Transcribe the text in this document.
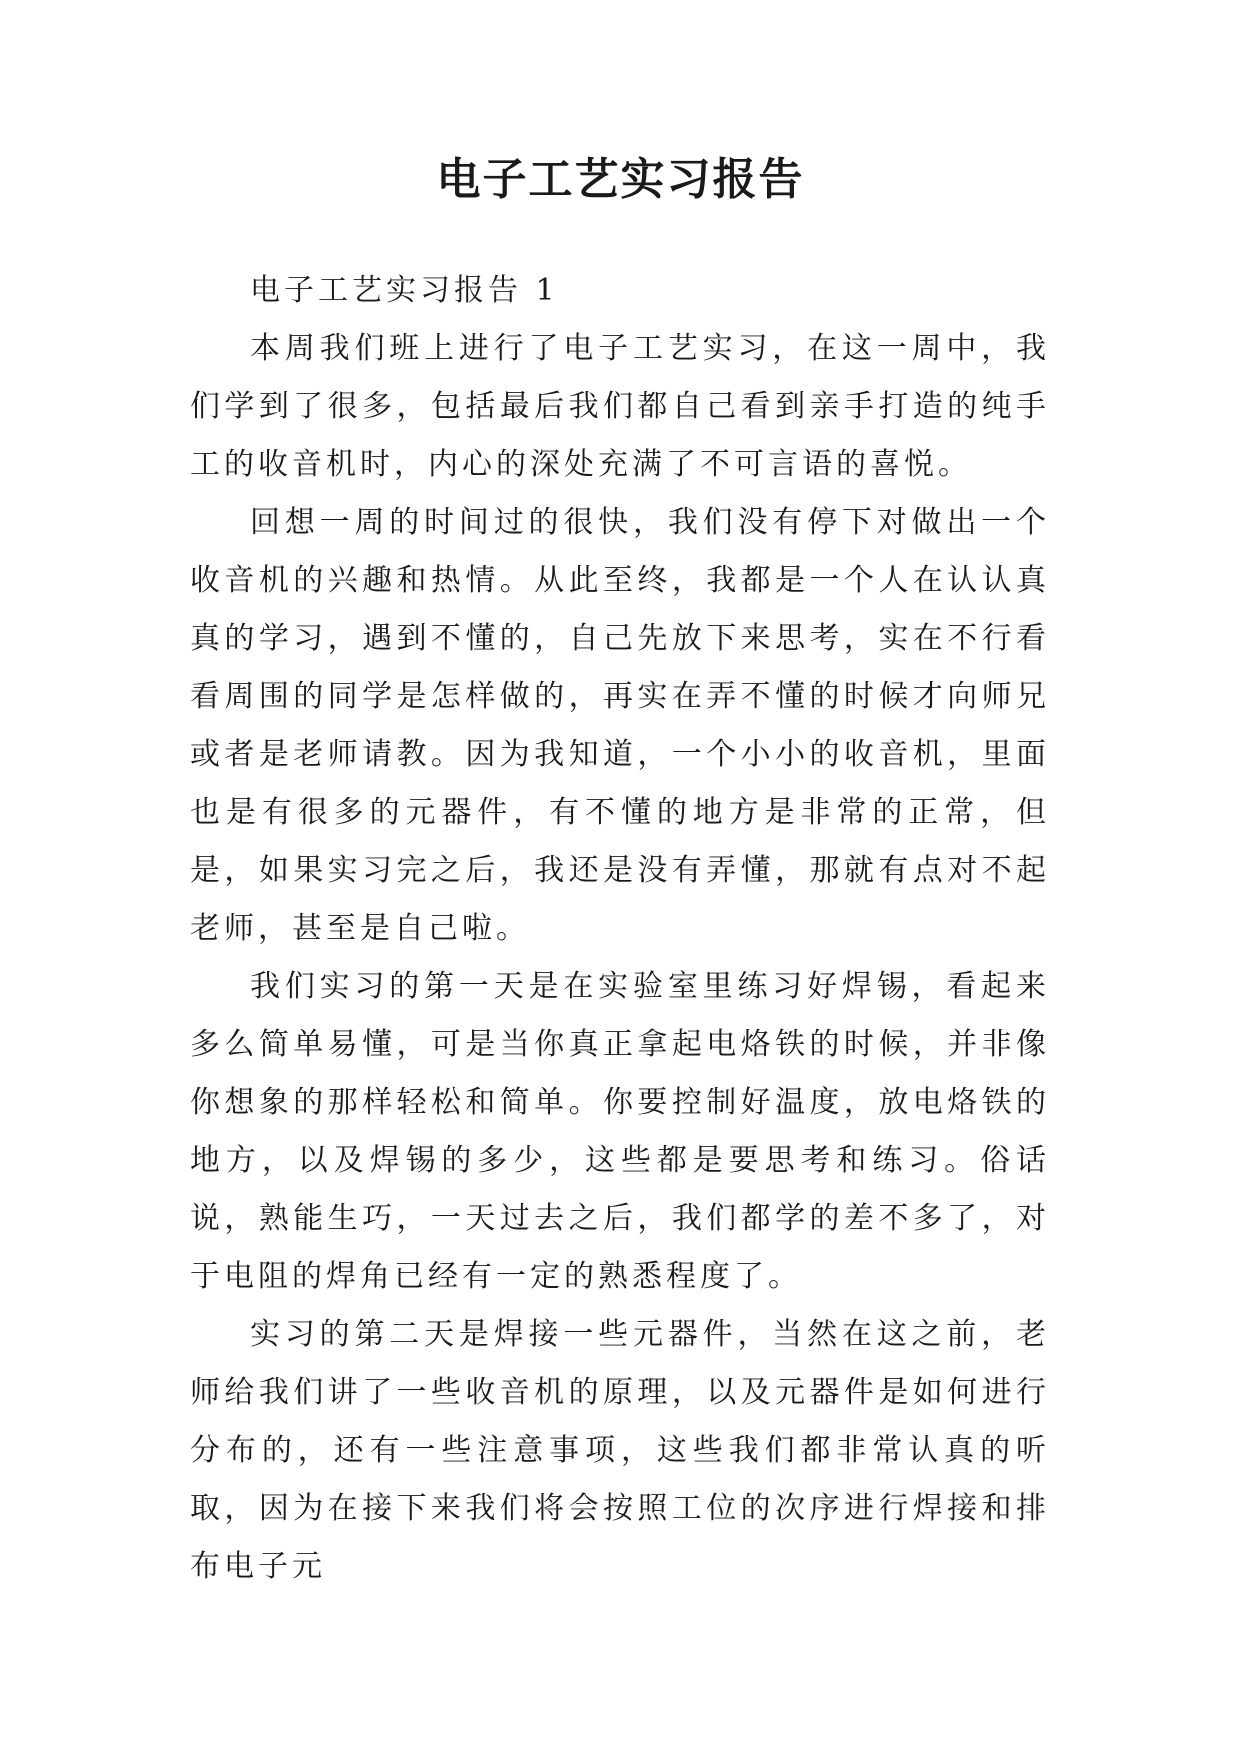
电子工艺实习报告

电子工艺实习报告 1

本周我们班上进行了电子工艺实习，在这一周中，我们学到了很多，包括最后我们都自己看到亲手打造的纯手工的收音机时，内心的深处充满了不可言语的喜悦。

回想一周的时间过的很快，我们没有停下对做出一个收音机的兴趣和热情。从此至终，我都是一个人在认认真真的学习，遇到不懂的，自己先放下来思考，实在不行看看周围的同学是怎样做的，再实在弄不懂的时候才向师兄或者是老师请教。因为我知道，一个小小的收音机，里面也是有很多的元器件，有不懂的地方是非常的正常，但是，如果实习完之后，我还是没有弄懂，那就有点对不起老师，甚至是自己啦。

我们实习的第一天是在实验室里练习好焊锡，看起来多么简单易懂，可是当你真正拿起电烙铁的时候，并非像你想象的那样轻松和简单。你要控制好温度，放电烙铁的地方，以及焊锡的多少，这些都是要思考和练习。俗话说，熟能生巧，一天过去之后，我们都学的差不多了，对于电阻的焊角已经有一定的熟悉程度了。

实习的第二天是焊接一些元器件，当然在这之前，老师给我们讲了一些收音机的原理，以及元器件是如何进行分布的，还有一些注意事项，这些我们都非常认真的听取，因为在接下来我们将会按照工位的次序进行焊接和排布电子元
